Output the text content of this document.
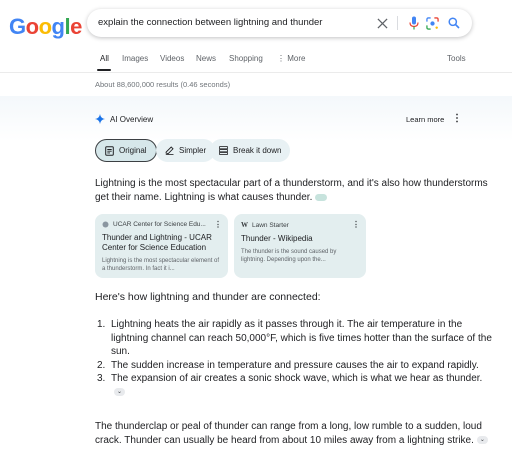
Google explain the connection between lightning and thunder
All Images Videos News Shopping ⋮ More	Tools
About 88,600,000 results (0.46 seconds)
AI Overview	Learn more ⋮
Original	Simpler	Break it down
Lightning is the most spectacular part of a thunderstorm, and it's also how thunderstorms get their name. Lightning is what causes thunder.
UCAR Center for Science Edu... ⋮
Thunder and Lightning - UCAR Center for Science Education
Lightning is the most spectacular element of a thunderstorm. In fact it i...
W Lawn Starter	⋮
Thunder - Wikipedia
The thunder is the sound caused by lightning. Depending upon the...
Here's how lightning and thunder are connected:
1. Lightning heats the air rapidly as it passes through it. The air temperature in the lightning channel can reach 50,000°F, which is five times hotter than the surface of the sun.
2. The sudden increase in temperature and pressure causes the air to expand rapidly.
3. The expansion of air creates a sonic shock wave, which is what we hear as thunder.⌄
The thunderclap or peal of thunder can range from a long, low rumble to a sudden, loud crack. Thunder can usually be heard from about 10 miles away from a lightning strike. ⌄
